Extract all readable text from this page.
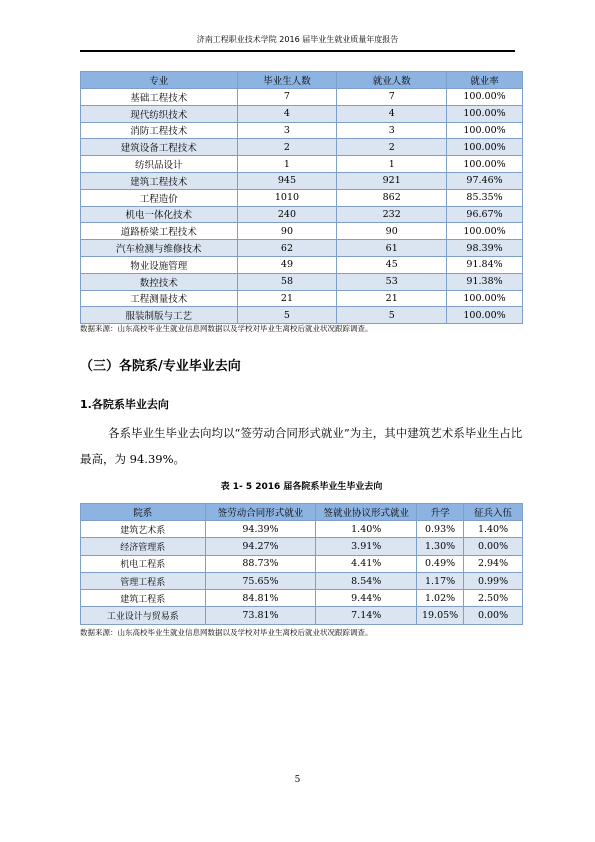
济南工程职业技术学院 2016 届毕业生就业质量年度报告
专业	毕业生人数	就业人数	就业率
基础工程技术	7	7	100.00%
现代纺织技术	4	4	100.00%
消防工程技术	3	3	100.00%
建筑设备工程技术	2	2	100.00%
纺织品设计	1	1	100.00%
建筑工程技术	945	921	97.46%
工程造价	1010	862	85.35%
机电一体化技术	240	232	96.67%
道路桥梁工程技术	90	90	100.00%
汽车检测与维修技术	62	61	98.39%
物业设施管理	49	45	91.84%
数控技术	58	53	91.38%
工程测量技术	21	21	100.00%
服装制版与工艺	5	5	100.00%
数据来源：山东高校毕业生就业信息网数据以及学校对毕业生离校后就业状况跟踪调查。
（三）各院系/专业毕业去向
1.各院系毕业去向

各系毕业生毕业去向均以“签劳动合同形式就业”为主，其中建筑艺术系毕业生占比最高，为 94.39%。

表 1- 5 2016 届各院系毕业生毕业去向
院系	签劳动合同形式就业	签就业协议形式就业	升学	征兵入伍
建筑艺术系	94.39%	1.40%	0.93%	1.40%
经济管理系	94.27%	3.91%	1.30%	0.00%
机电工程系	88.73%	4.41%	0.49%	2.94%
管理工程系	75.65%	8.54%	1.17%	0.99%
建筑工程系	84.81%	9.44%	1.02%	2.50%
工业设计与贸易系	73.81%	7.14%	19.05%	0.00%
数据来源：山东高校毕业生就业信息网数据以及学校对毕业生离校后就业状况跟踪调查。
5
